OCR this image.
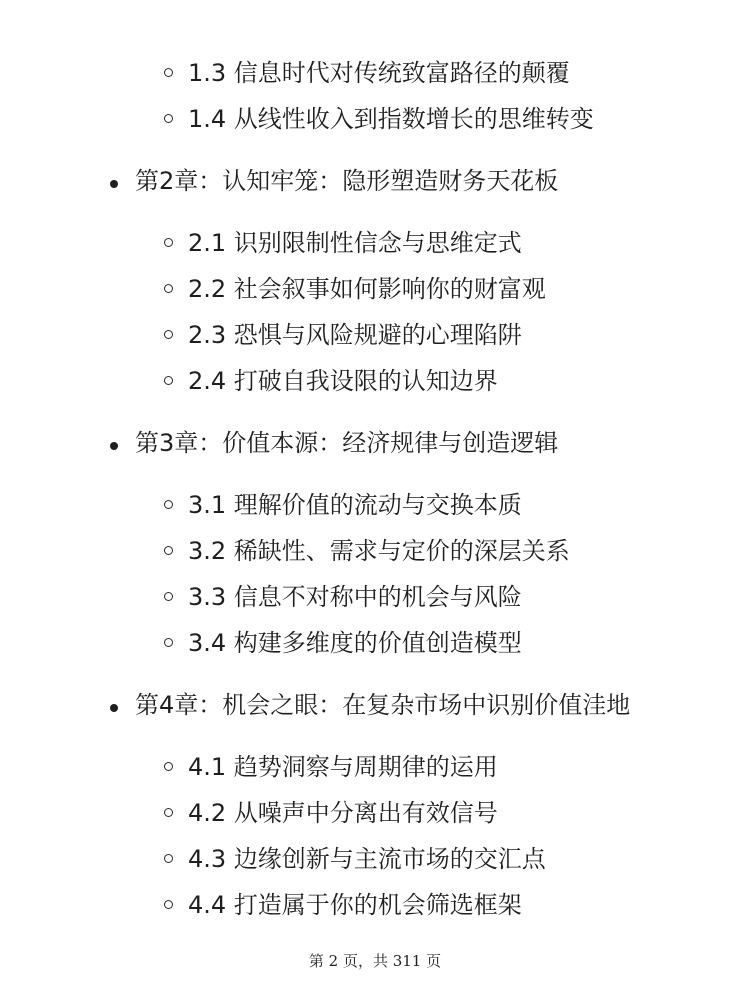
1.3 信息时代对传统致富路径的颠覆
1.4 从线性收入到指数增长的思维转变
第2章：认知牢笼：隐形塑造财务天花板
2.1 识别限制性信念与思维定式
2.2 社会叙事如何影响你的财富观
2.3 恐惧与风险规避的心理陷阱
2.4 打破自我设限的认知边界
第3章：价值本源：经济规律与创造逻辑
3.1 理解价值的流动与交换本质
3.2 稀缺性、需求与定价的深层关系
3.3 信息不对称中的机会与风险
3.4 构建多维度的价值创造模型
第4章：机会之眼：在复杂市场中识别价值洼地
4.1 趋势洞察与周期律的运用
4.2 从噪声中分离出有效信号
4.3 边缘创新与主流市场的交汇点
4.4 打造属于你的机会筛选框架
第 2 页，共 311 页
